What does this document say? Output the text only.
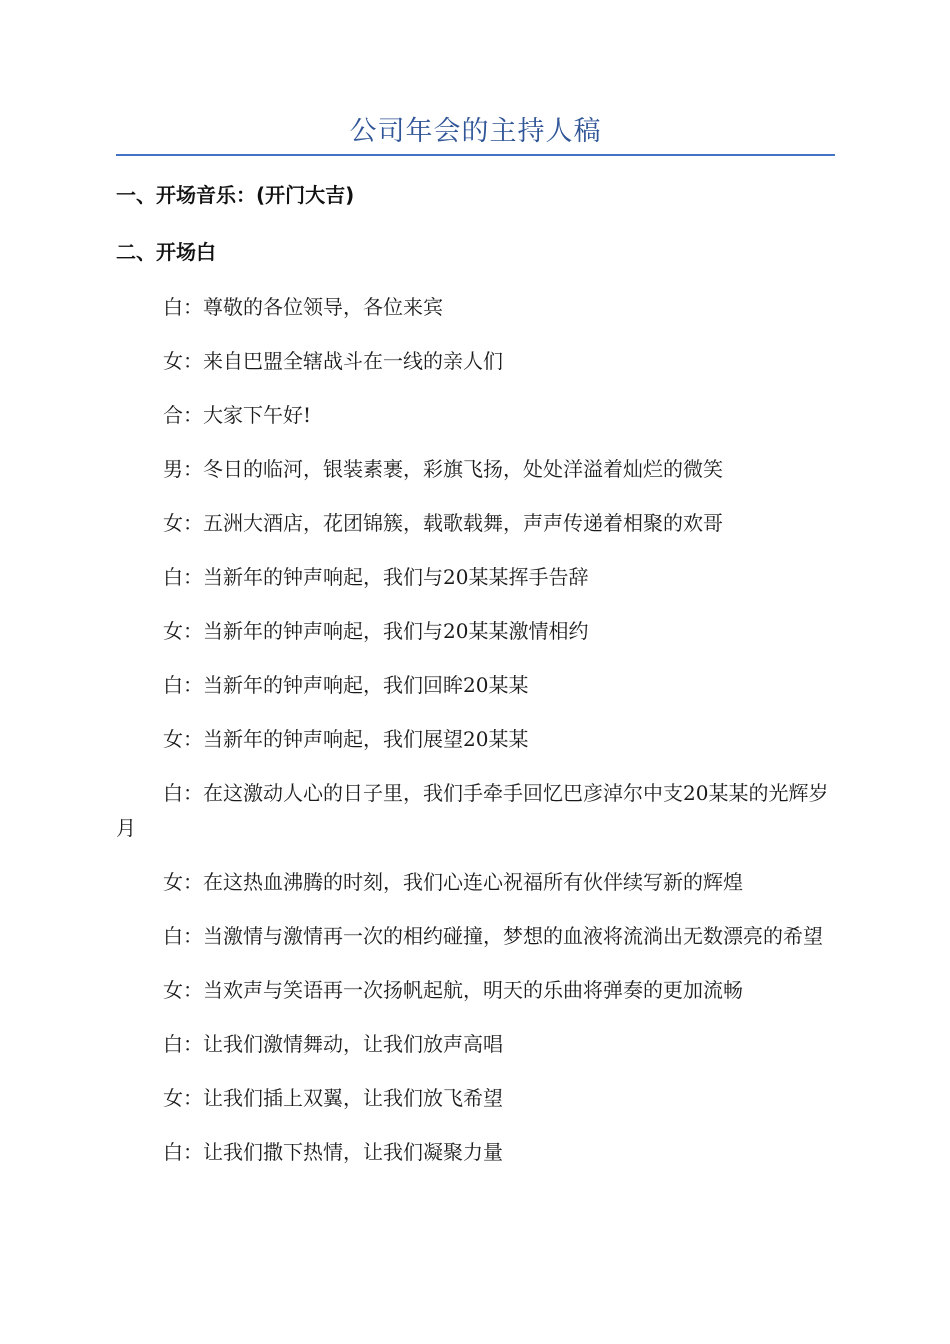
公司年会的主持人稿
一、开场音乐：(开门大吉)
二、开场白
白：尊敬的各位领导，各位来宾
女：来自巴盟全辖战斗在一线的亲人们
合：大家下午好!
男：冬日的临河，银装素裹，彩旗飞扬，处处洋溢着灿烂的微笑
女：五洲大酒店，花团锦簇，载歌载舞，声声传递着相聚的欢哥
白：当新年的钟声响起，我们与20某某挥手告辞
女：当新年的钟声响起，我们与20某某激情相约
白：当新年的钟声响起，我们回眸20某某
女：当新年的钟声响起，我们展望20某某
白：在这激动人心的日子里，我们手牵手回忆巴彦淖尔中支20某某的光辉岁月
女：在这热血沸腾的时刻，我们心连心祝福所有伙伴续写新的辉煌
白：当激情与激情再一次的相约碰撞，梦想的血液将流淌出无数漂亮的希望
女：当欢声与笑语再一次扬帆起航，明天的乐曲将弹奏的更加流畅
白：让我们激情舞动，让我们放声高唱
女：让我们插上双翼，让我们放飞希望
白：让我们撒下热情，让我们凝聚力量
